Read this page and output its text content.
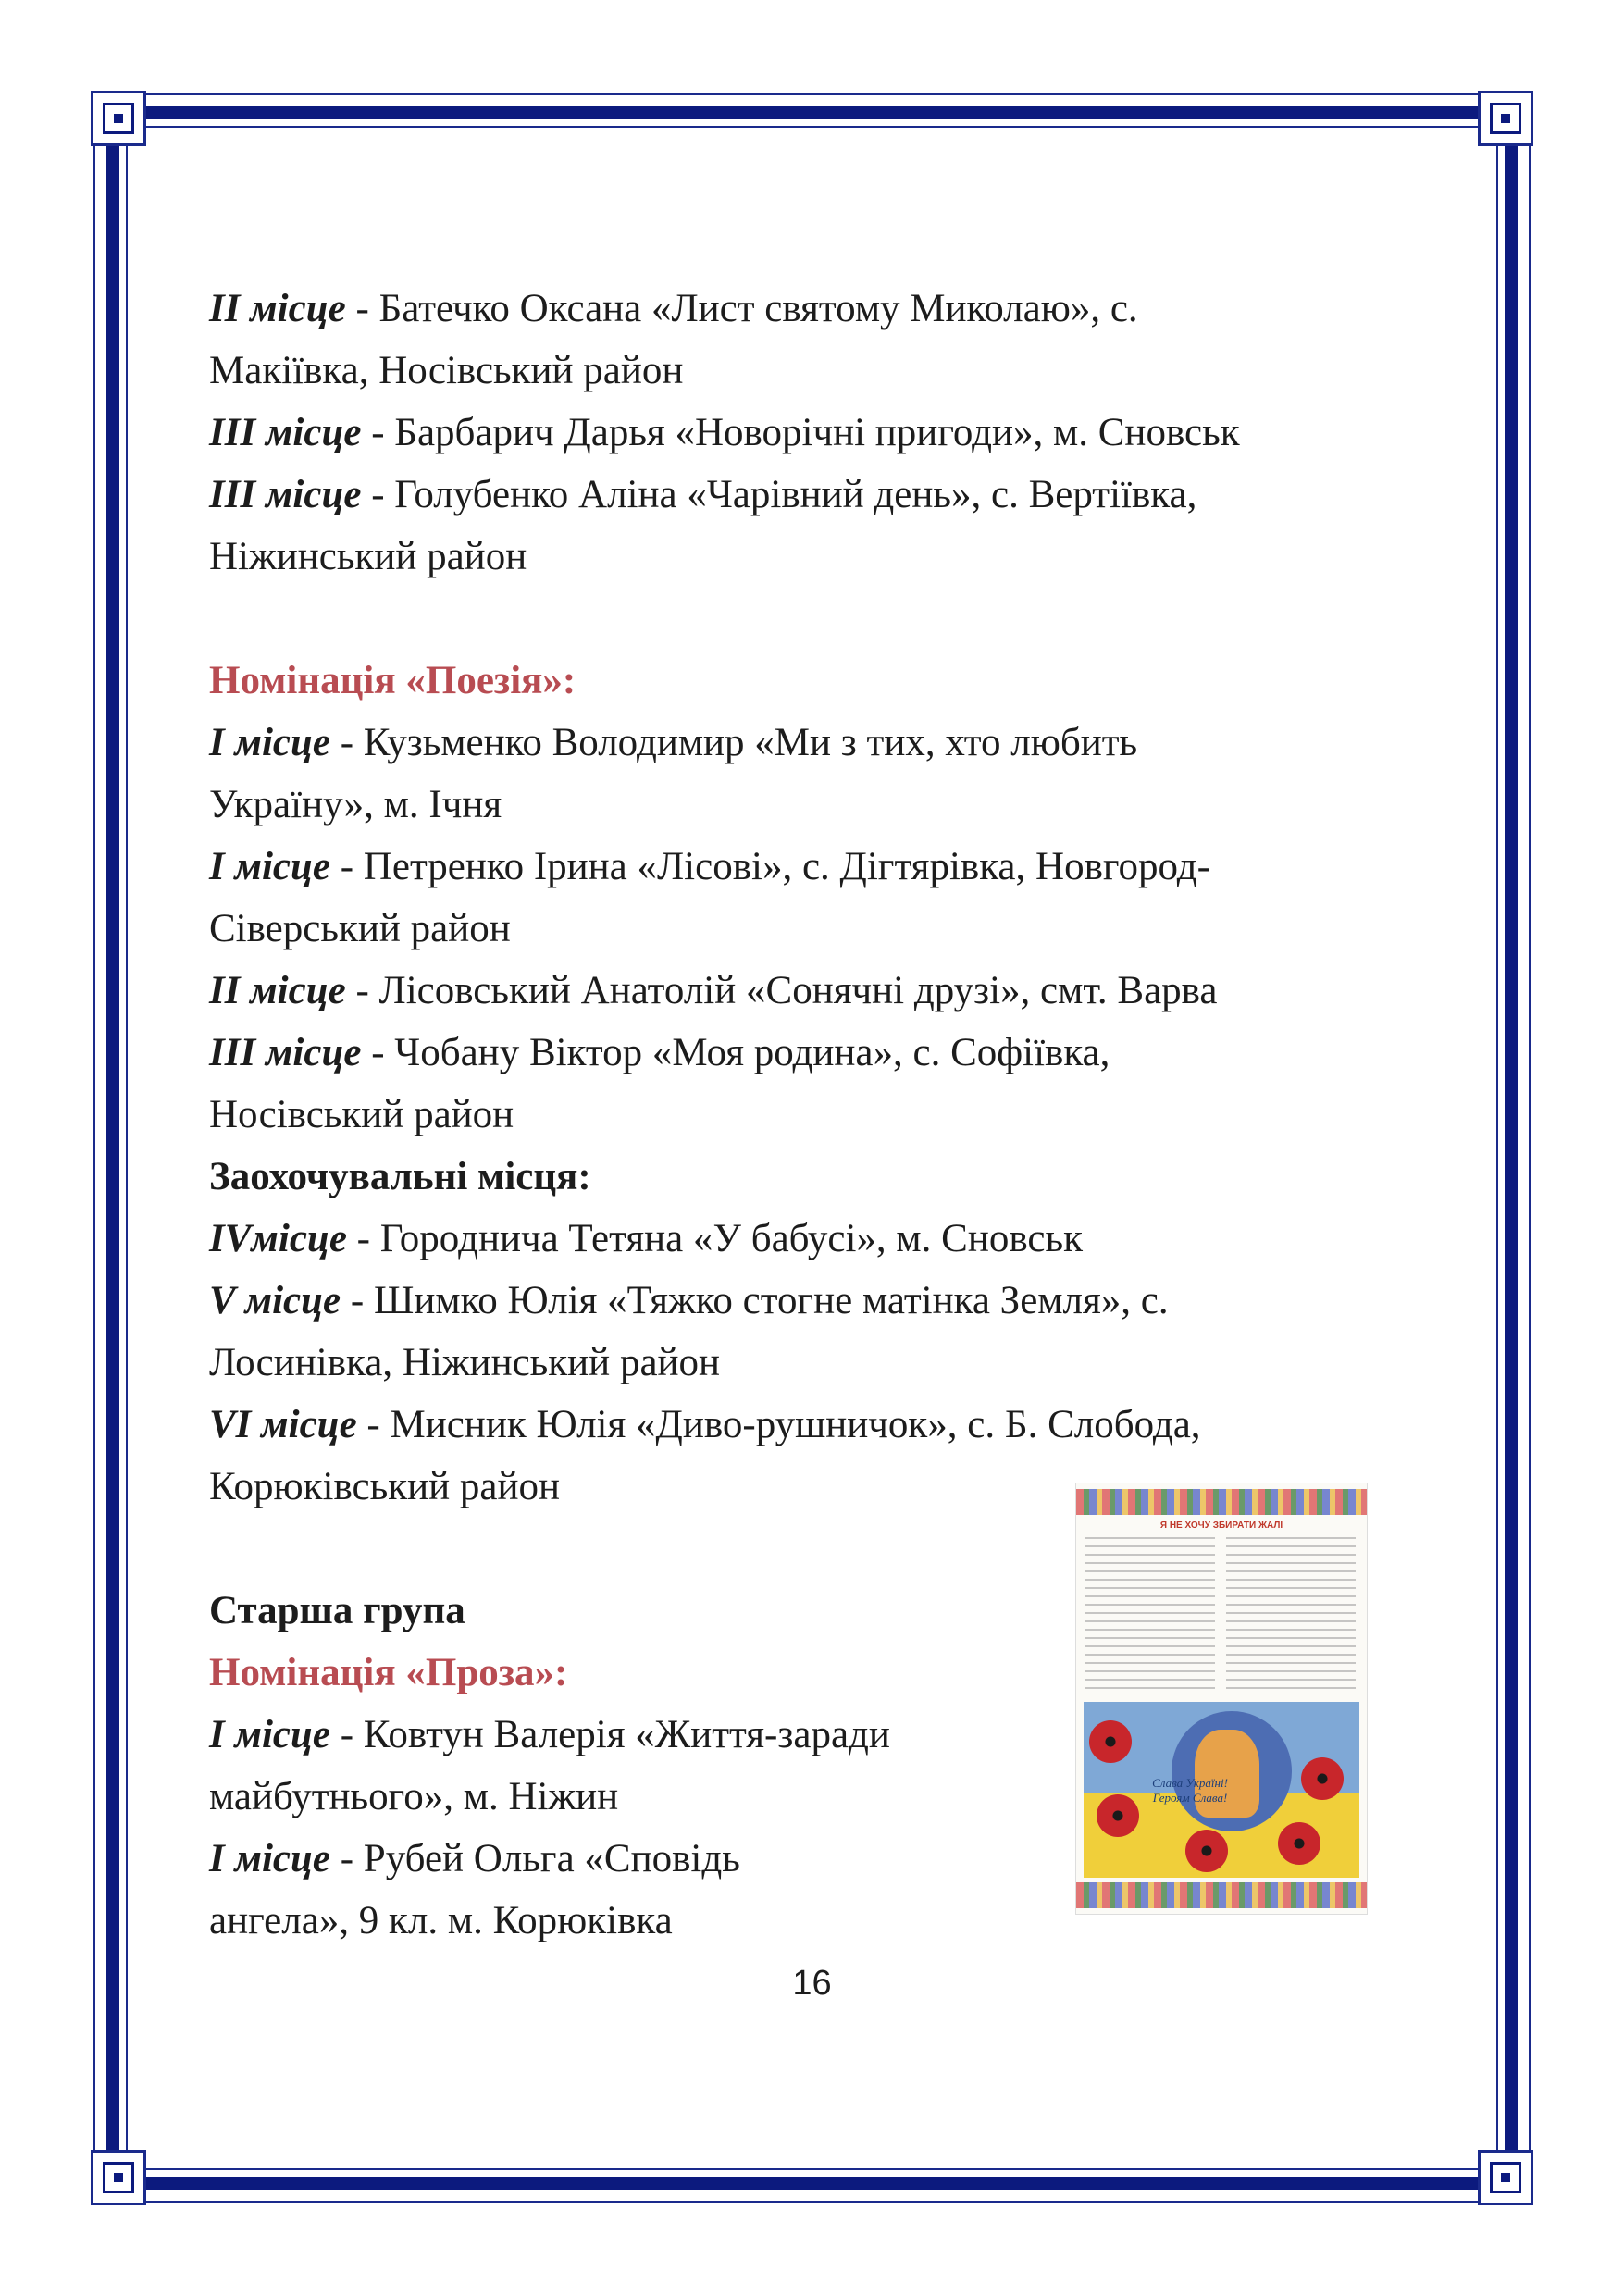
II місце - Батечко Оксана «Лист святому Миколаю», с.
Макіївка, Носівський район
III місце - Барбарич Дарья «Новорічні пригоди», м. Сновськ
III місце - Голубенко Аліна «Чарівний день», с. Вертіївка,
Ніжинський район
Номінація «Поезія»:
І місце - Кузьменко Володимир «Ми з тих, хто любить
Україну», м. Ічня
І місце - Петренко Ірина «Лісові», с. Дігтярівка, Новгород-
Сіверський район
ІІ місце - Лісовський Анатолій «Сонячні друзі», смт. Варва
ІІІ місце - Чобану Віктор «Моя родина», с. Софіївка,
Носівський район
Заохочувальні місця:
ІVмісце - Городнича Тетяна «У бабусі», м. Сновськ
V місце - Шимко Юлія «Тяжко стогне матінка Земля», с.
Лосинівка, Ніжинський район
VІ місце - Мисник Юлія «Диво-рушничок», с. Б. Слобода,
Корюківський район
Старша група
Номінація «Проза»:
І місце - Ковтун Валерія «Життя-заради
майбутнього», м. Ніжин
І місце - Рубей Ольга «Сповідь
ангела», 9 кл. м. Корюківка
Я НЕ ХОЧУ ЗБИРАТИ ЖАЛІ
Слава Україні! Героям Слава!
16
